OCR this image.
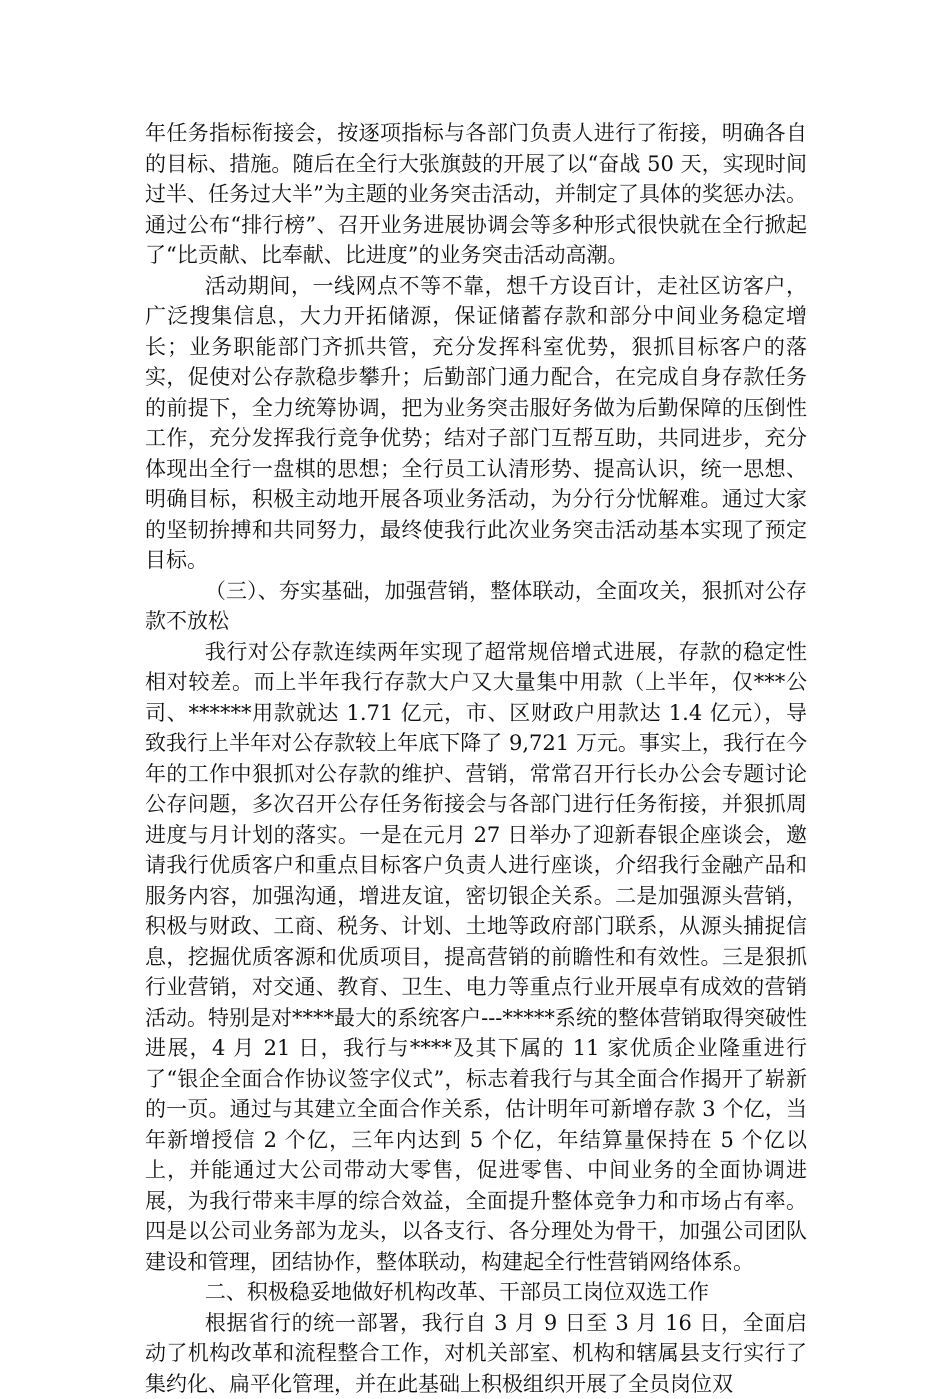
年任务指标衔接会，按逐项指标与各部门负责人进行了衔接，明确各自的目标、措施。随后在全行大张旗鼓的开展了以“奋战 50 天，实现时间过半、任务过大半”为主题的业务突击活动，并制定了具体的奖惩办法。通过公布“排行榜”、召开业务进展协调会等多种形式很快就在全行掀起了“比贡献、比奉献、比进度”的业务突击活动高潮。

活动期间，一线网点不等不靠，想千方设百计，走社区访客户，广泛搜集信息，大力开拓储源，保证储蓄存款和部分中间业务稳定增长；业务职能部门齐抓共管，充分发挥科室优势，狠抓目标客户的落实，促使对公存款稳步攀升；后勤部门通力配合，在完成自身存款任务的前提下，全力统筹协调，把为业务突击服好务做为后勤保障的压倒性工作，充分发挥我行竞争优势；结对子部门互帮互助，共同进步，充分体现出全行一盘棋的思想；全行员工认清形势、提高认识，统一思想、明确目标，积极主动地开展各项业务活动，为分行分忧解难。通过大家的坚韧拚搏和共同努力，最终使我行此次业务突击活动基本实现了预定目标。

（三）、夯实基础，加强营销，整体联动，全面攻关，狠抓对公存款不放松

我行对公存款连续两年实现了超常规倍增式进展，存款的稳定性相对较差。而上半年我行存款大户又大量集中用款（上半年，仅***公司、******用款就达 1.71 亿元，市、区财政户用款达 1.4 亿元），导致我行上半年对公存款较上年底下降了 9,721 万元。事实上，我行在今年的工作中狠抓对公存款的维护、营销，常常召开行长办公会专题讨论公存问题，多次召开公存任务衔接会与各部门进行任务衔接，并狠抓周进度与月计划的落实。一是在元月 27 日举办了迎新春银企座谈会，邀请我行优质客户和重点目标客户负责人进行座谈，介绍我行金融产品和服务内容，加强沟通，增进友谊，密切银企关系。二是加强源头营销，积极与财政、工商、税务、计划、土地等政府部门联系，从源头捕捉信息，挖掘优质客源和优质项目，提高营销的前瞻性和有效性。三是狠抓行业营销，对交通、教育、卫生、电力等重点行业开展卓有成效的营销活动。特别是对****最大的系统客户---*****系统的整体营销取得突破性进展，4 月 21 日，我行与****及其下属的 11 家优质企业隆重进行了“银企全面合作协议签字仪式”，标志着我行与其全面合作揭开了崭新的一页。通过与其建立全面合作关系，估计明年可新增存款 3 个亿，当年新增授信 2 个亿，三年内达到 5 个亿，年结算量保持在 5 个亿以上，并能通过大公司带动大零售，促进零售、中间业务的全面协调进展，为我行带来丰厚的综合效益，全面提升整体竞争力和市场占有率。四是以公司业务部为龙头，以各支行、各分理处为骨干，加强公司团队建设和管理，团结协作，整体联动，构建起全行性营销网络体系。

二、积极稳妥地做好机构改革、干部员工岗位双选工作

根据省行的统一部署，我行自 3 月 9 日至 3 月 16 日，全面启动了机构改革和流程整合工作，对机关部室、机构和辖属县支行实行了集约化、扁平化管理，并在此基础上积极组织开展了全员岗位双
